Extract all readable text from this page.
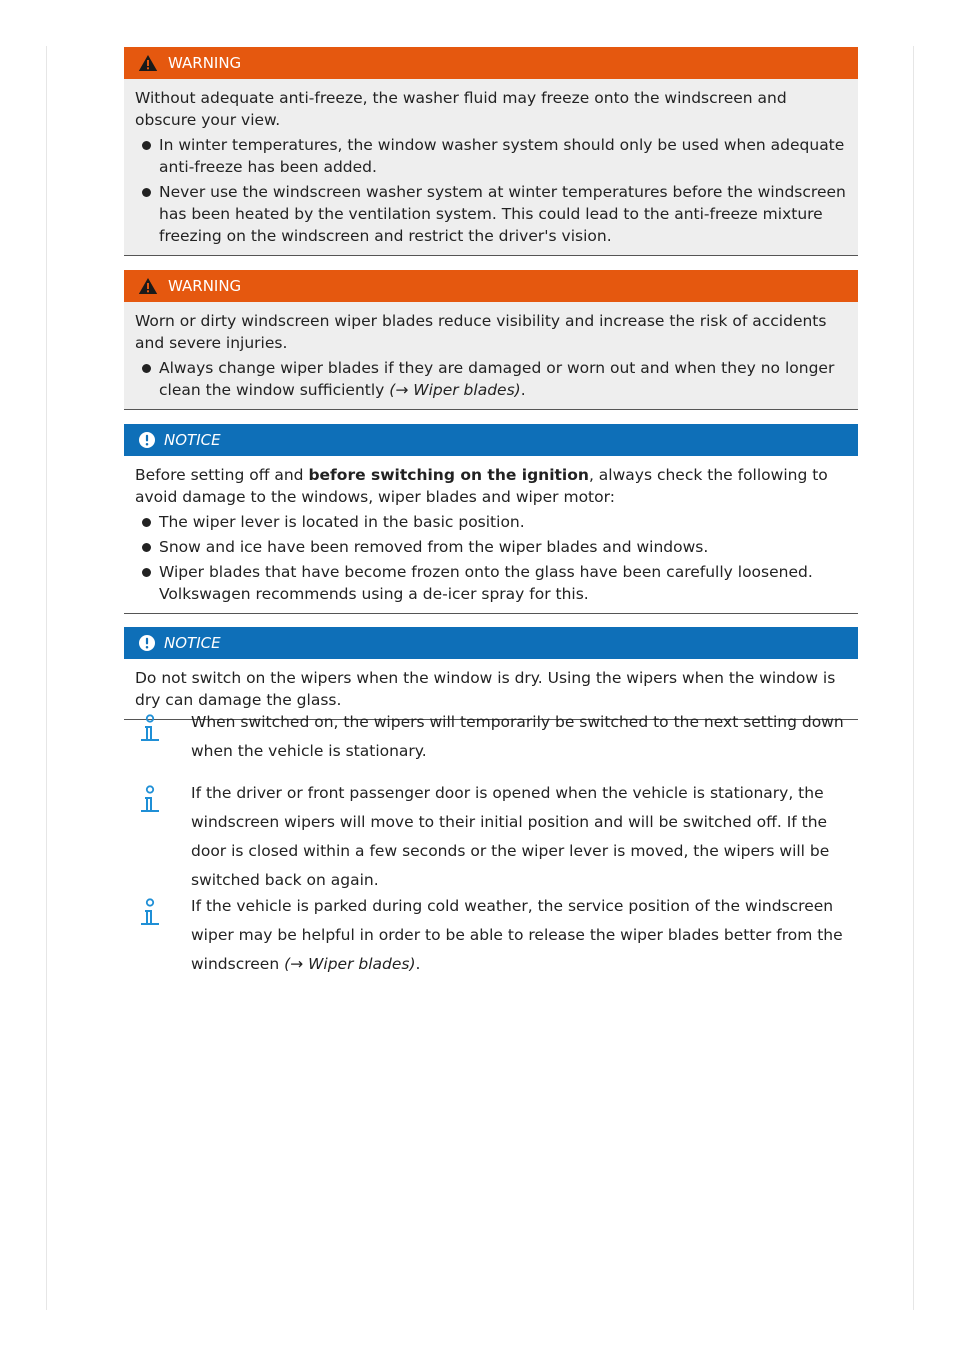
WARNING

Without adequate anti-freeze, the washer fluid may freeze onto the windscreen and obscure your view.

In winter temperatures, the window washer system should only be used when adequate anti-freeze has been added.
Never use the windscreen washer system at winter temperatures before the windscreen has been heated by the ventilation system. This could lead to the anti-freeze mixture freezing on the windscreen and restrict the driver's vision.
WARNING

Worn or dirty windscreen wiper blades reduce visibility and increase the risk of accidents and severe injuries.

Always change wiper blades if they are damaged or worn out and when they no longer clean the window sufficiently (→ Wiper blades).
NOTICE

Before setting off and before switching on the ignition, always check the following to avoid damage to the windows, wiper blades and wiper motor:

The wiper lever is located in the basic position.
Snow and ice have been removed from the wiper blades and windows.
Wiper blades that have become frozen onto the glass have been carefully loosened. Volkswagen recommends using a de-icer spray for this.
NOTICE

Do not switch on the wipers when the window is dry. Using the wipers when the window is dry can damage the glass.

When switched on, the wipers will temporarily be switched to the next setting down when the vehicle is stationary.

If the driver or front passenger door is opened when the vehicle is stationary, the windscreen wipers will move to their initial position and will be switched off. If the door is closed within a few seconds or the wiper lever is moved, the wipers will be switched back on again.

If the vehicle is parked during cold weather, the service position of the windscreen wiper may be helpful in order to be able to release the wiper blades better from the windscreen (→ Wiper blades).
